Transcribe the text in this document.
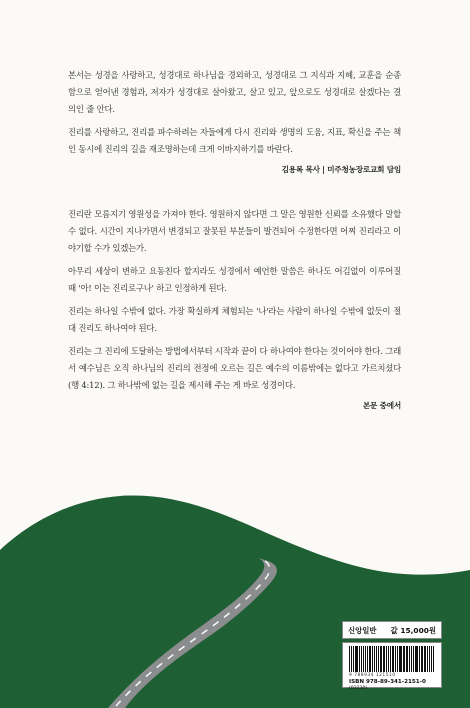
본서는 성경을 사랑하고, 성경대로 하나님을 경외하고, 성경대로 그 지식과 지혜, 교훈을 순종함으로 얻어낸 경험과, 저자가 성경대로 살아왔고, 살고 있고, 앞으로도 성경대로 살겠다는 결의인 줄 안다.

진리를 사랑하고, 진리를 파수하려는 자들에게 다시 진리와 생명의 도움, 지표, 확신을 주는 책인 동시에 진리의 길을 재조명하는데 크게 이바지하기를 바란다.

김용복 목사 | 미주청농장로교회 담임

진리란 모름지기 영원성을 가져야 한다. 영원하지 않다면 그 말은 영원한 신뢰를 소유했다 말할 수 없다. 시간이 지나가면서 변경되고 잘못된 부분들이 발견되어 수정한다면 어찌 진리라고 이야기할 수가 있겠는가.

아무리 세상이 변하고 요동친다 할지라도 성경에서 예언한 말씀은 하나도 어김없이 이루어질 때 '아! 이는 진리로구나' 하고 인정하게 된다.

진리는 하나일 수밖에 없다. 가장 확실하게 체험되는 '나'라는 사람이 하나일 수밖에 없듯이 절대 진리도 하나여야 된다.

진리는 그 진리에 도달하는 방법에서부터 시작과 끝이 다 하나여야 한다는 것이어야 한다. 그래서 예수님은 오직 하나님의 진리의 전정에 오르는 길은 예수의 이름밖에는 없다고 가르치셨다(행 4:12). 그 하나밖에 없는 길을 제시해 주는 게 바로 성경이다.

본문 중에서
신앙일반 값 15,000원
9 788934 121510
ISBN 978-89-341-2151-0 (03230)
